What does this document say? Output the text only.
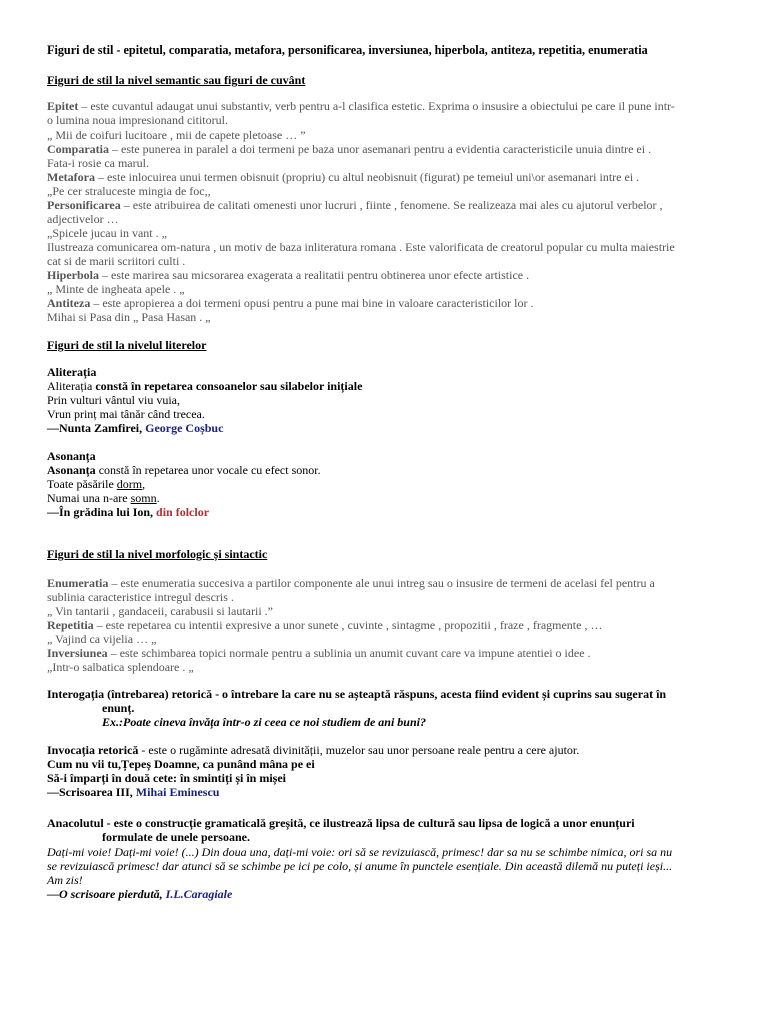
Figuri de stil - epitetul, comparatia, metafora, personificarea, inversiunea, hiperbola, antiteza, repetitia, enumeratia
Figuri de stil la nivel semantic sau figuri de cuvânt
Epitet – este cuvantul adaugat unui substantiv, verb pentru a-l clasifica estetic. Exprima o insusire a obiectului pe care il pune intr-
o lumina noua impresionand cititorul.
„ Mii de coifuri lucitoare , mii de capete pletoase … ”
Comparatia – este punerea in paralel a doi termeni pe baza unor asemanari pentru a evidentia caracteristicile unuia dintre ei .
Fata-i rosie ca marul.
Metafora – este inlocuirea unui termen obisnuit (propriu) cu altul neobisnuit (figurat) pe temeiul uni\or asemanari intre ei .
„Pe cer straluceste mingia de foc,,
Personificarea – este atribuirea de calitati omenesti unor lucruri , fiinte , fenomene. Se realizeaza mai ales cu ajutorul verbelor ,
adjectivelor …
„Spicele jucau in vant . „
Ilustreaza comunicarea om-natura , un motiv de baza inliteratura romana . Este valorificata de creatorul popular cu multa maiestrie
cat si de marii scriitori culti .
Hiperbola – este marirea sau micsorarea exagerata a realitatii pentru obtinerea unor efecte artistice .
„ Minte de ingheata apele . „
Antiteza – este apropierea a doi termeni opusi pentru a pune mai bine in valoare caracteristicilor lor .
Mihai si Pasa din „ Pasa Hasan . „
Figuri de stil la nivelul literelor
Aliterația
Aliterația constă în repetarea consoanelor sau silabelor inițiale
Prin vulturi vântul viu vuia,
Vrun prinț mai tânăr când trecea.
—Nunta Zamfirei, George Coșbuc
Asonanța
Asonanța constă în repetarea unor vocale cu efect sonor.
Toate păsările dorm,
Numai una n-are somn.
—În grădina lui Ion, din folclor
Figuri de stil la nivel morfologic și sintactic
Enumeratia – este enumeratia succesiva a partilor componente ale unui intreg sau o insusire de termeni de acelasi fel pentru a
sublinia caracteristice intregul descris .
„ Vin tantarii , gandaceii, carabusii si lautarii .”
Repetitia – este repetarea cu intentii expresive a unor sunete , cuvinte , sintagme , propozitii , fraze , fragmente , …
„ Vajind ca vijelia … „
Inversiunea – este schimbarea topici normale pentru a sublinia un anumit cuvant care va impune atentiei o idee .
„Intr-o salbatica splendoare . „
Interogația (întrebarea) retorică - o întrebare la care nu se așteaptă răspuns, acesta fiind evident și cuprins sau sugerat în
enunț.
Ex.:Poate cineva învăța într-o zi ceea ce noi studiem de ani buni?
Invocația retorică - este o rugăminte adresată divinității, muzelor sau unor persoane reale pentru a cere ajutor.
Cum nu vii tu,Țepeș Doamne, ca punând mâna pe ei
Să-i împarți în două cete: în smintiți și în mișei
—Scrisoarea III, Mihai Eminescu
Anacolutul - este o construcție gramaticală greșită, ce ilustrează lipsa de cultură sau lipsa de logică a unor enunțuri
formulate de unele persoane.
Dați-mi voie! Dați-mi voie! (...) Din doua una, dați-mi voie: ori să se revizuiască, primesc! dar sa nu se schimbe nimica, ori sa nu
se revizuiască primesc! dar atunci să se schimbe pe ici pe colo, și anume în punctele esențiale. Din această dilemă nu puteți ieși...
Am zis!
—O scrisoare pierdută, I.L.Caragiale
